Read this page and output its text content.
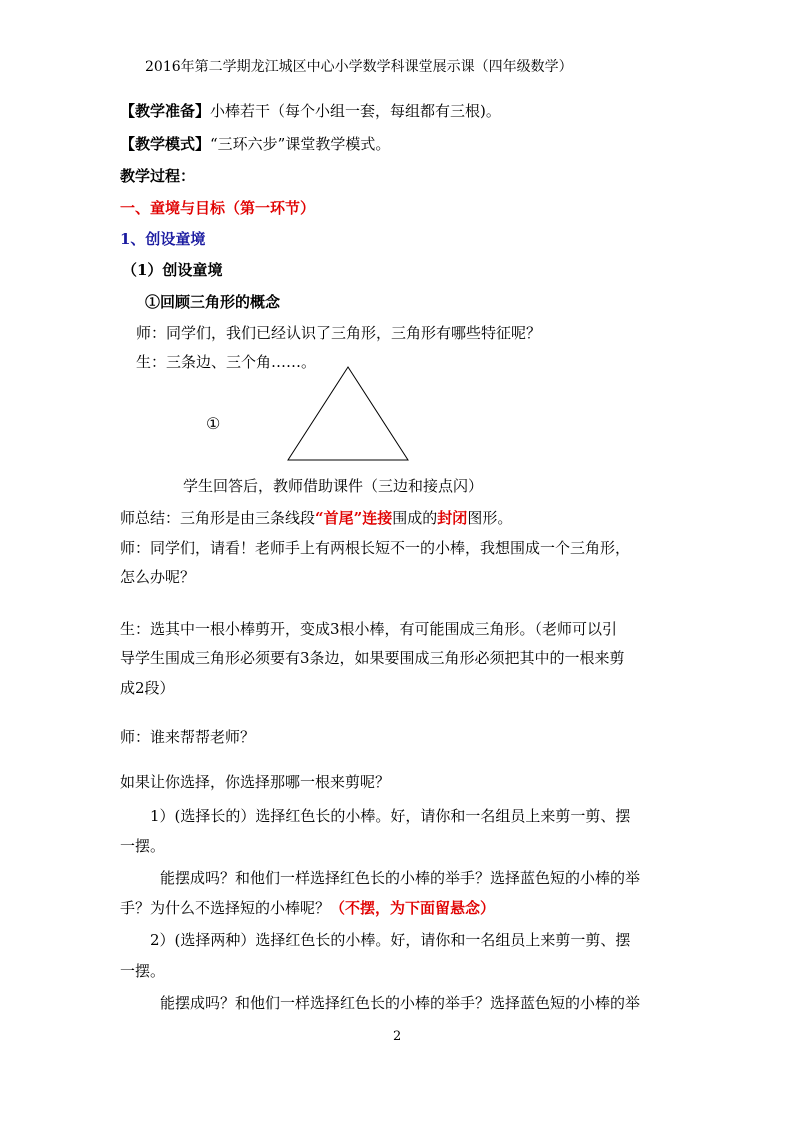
2016年第二学期龙江城区中心小学数学科课堂展示课（四年级数学）
【教学准备】小棒若干（每个小组一套，每组都有三根)。
【教学模式】“三环六步”课堂教学模式。
教学过程：
一、童境与目标（第一环节）
1、创设童境
（1）创设童境
①回顾三角形的概念
师：同学们，我们已经认识了三角形，三角形有哪些特征呢？
生：三条边、三个角……。
①
学生回答后，教师借助课件（三边和接点闪）
师总结：三角形是由三条线段“首尾”连接围成的封闭图形。
师：同学们，请看！老师手上有两根长短不一的小棒，我想围成一个三角形，
怎么办呢？
生：选其中一根小棒剪开，变成3根小棒，有可能围成三角形。（老师可以引
导学生围成三角形必须要有3条边，如果要围成三角形必须把其中的一根来剪
成2段）
师：谁来帮帮老师？
如果让你选择，你选择那哪一根来剪呢？
1）(选择长的）选择红色长的小棒。好，请你和一名组员上来剪一剪、摆
一摆。
能摆成吗？和他们一样选择红色长的小棒的举手？选择蓝色短的小棒的举
手？为什么不选择短的小棒呢？（不摆，为下面留悬念）
2）(选择两种）选择红色长的小棒。好，请你和一名组员上来剪一剪、摆
一摆。
能摆成吗？和他们一样选择红色长的小棒的举手？选择蓝色短的小棒的举
2
